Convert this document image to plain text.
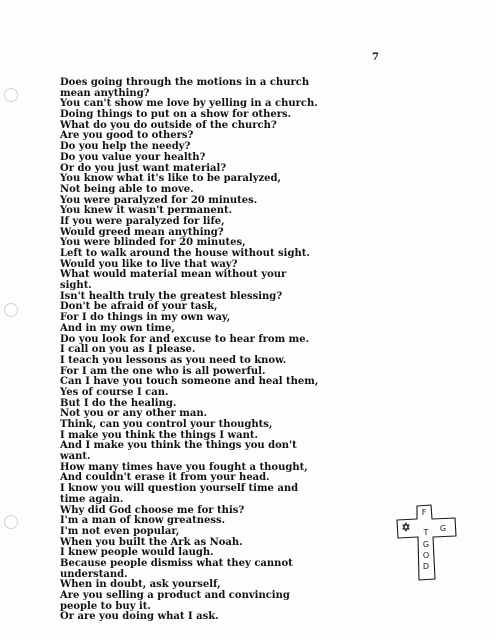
7
Does going through the motions in a church
mean anything?
You can't show me love by yelling in a church.
Doing things to put on a show for others.
What do you do outside of the church?
Are you good to others?
Do you help the needy?
Do you value your health?
Or do you just want material?
You know what it's like to be paralyzed,
Not being able to move.
You were paralyzed for 20 minutes.
You knew it wasn't permanent.
If you were paralyzed for life,
Would greed mean anything?
You were blinded for 20 minutes,
Left to walk around the house without sight.
Would you like to live that way?
What would material mean without your
sight.
Isn't health truly the greatest blessing?
Don't be afraid of your task,
For I do things in my own way,
And in my own time,
Do you look for and excuse to hear from me.
I call on you as I please.
I teach you lessons as you need to know.
For I am the one who is all powerful.
Can I have you touch someone and heal them,
Yes of course I can.
But I do the healing.
Not you or any other man.
Think, can you control your thoughts,
I make you think the things I want.
And I make you think the things you don't
want.
How many times have you fought a thought,
And couldn't erase it from your head.
I know you will question yourself time and
time again.
Why did God choose me for this?
I'm a man of know greatness.
I'm not even popular,
When you built the Ark as Noah.
I knew people would laugh.
Because people dismiss what they cannot
understand.
When in doubt, ask yourself,
Are you selling a product and convincing
people to buy it.
Or are you doing what I ask.
F
G
T
G
O
D
